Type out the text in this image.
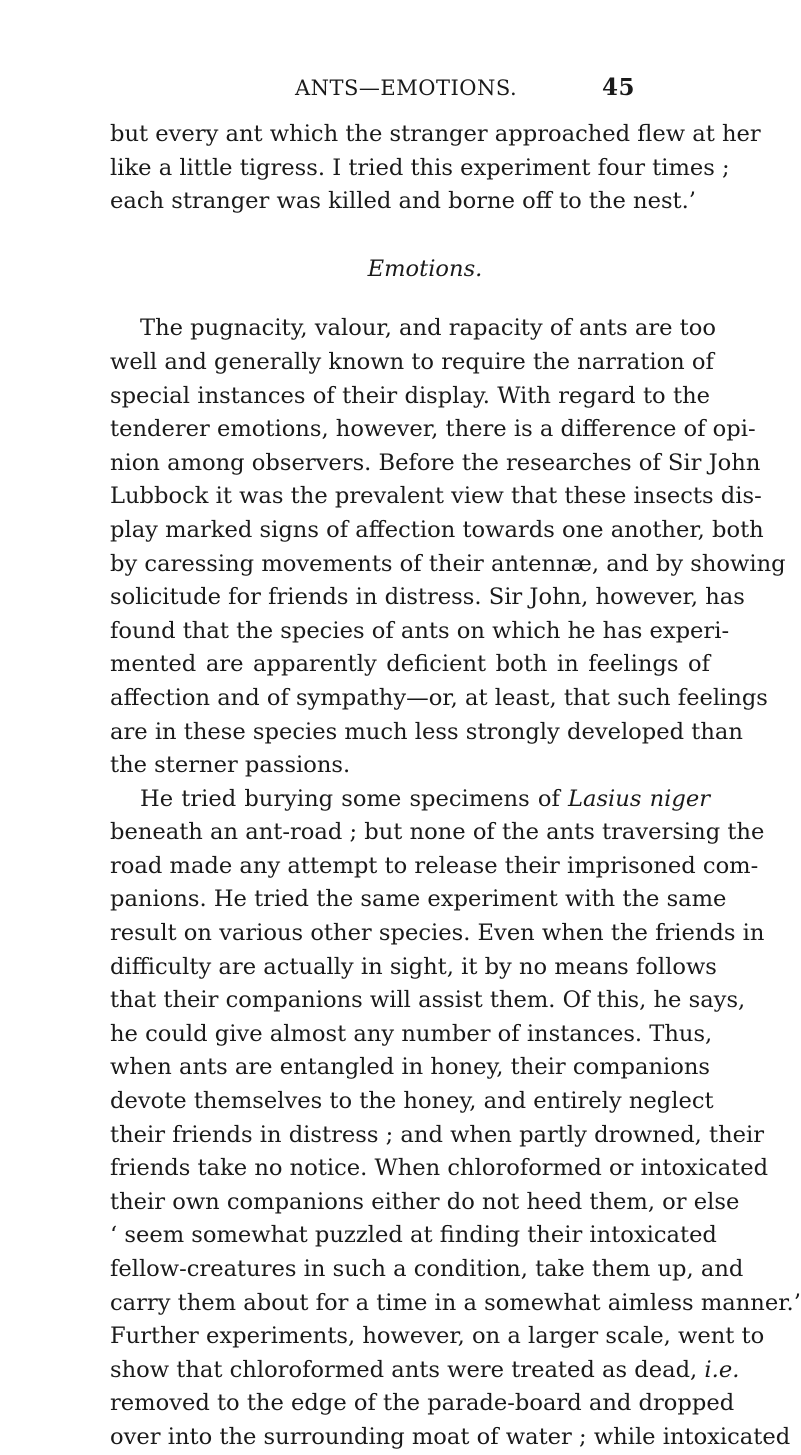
ANTS—EMOTIONS.	45
but every ant which the stranger approached flew at her
like a little tigress. I tried this experiment four times ;
each stranger was killed and borne off to the nest.’
Emotions.
The pugnacity, valour, and rapacity of ants are too
well and generally known to require the narration of
special instances of their display. With regard to the
tenderer emotions, however, there is a difference of opi-
nion among observers. Before the researches of Sir John
Lubbock it was the prevalent view that these insects dis-
play marked signs of affection towards one another, both
by caressing movements of their antennæ, and by showing
solicitude for friends in distress. Sir John, however, has
found that the species of ants on which he has experi-
mented are apparently deficient both in feelings of
affection and of sympathy—or, at least, that such feelings
are in these species much less strongly developed than
the sterner passions.
He tried burying some specimens of Lasius niger
beneath an ant-road ; but none of the ants traversing the
road made any attempt to release their imprisoned com-
panions. He tried the same experiment with the same
result on various other species. Even when the friends in
difficulty are actually in sight, it by no means follows
that their companions will assist them. Of this, he says,
he could give almost any number of instances. Thus,
when ants are entangled in honey, their companions
devote themselves to the honey, and entirely neglect
their friends in distress ; and when partly drowned, their
friends take no notice. When chloroformed or intoxicated
their own companions either do not heed them, or else
‘ seem somewhat puzzled at finding their intoxicated
fellow-creatures in such a condition, take them up, and
carry them about for a time in a somewhat aimless manner.’
Further experiments, however, on a larger scale, went to
show that chloroformed ants were treated as dead, i.e.
removed to the edge of the parade-board and dropped
over into the surrounding moat of water ; while intoxicated
